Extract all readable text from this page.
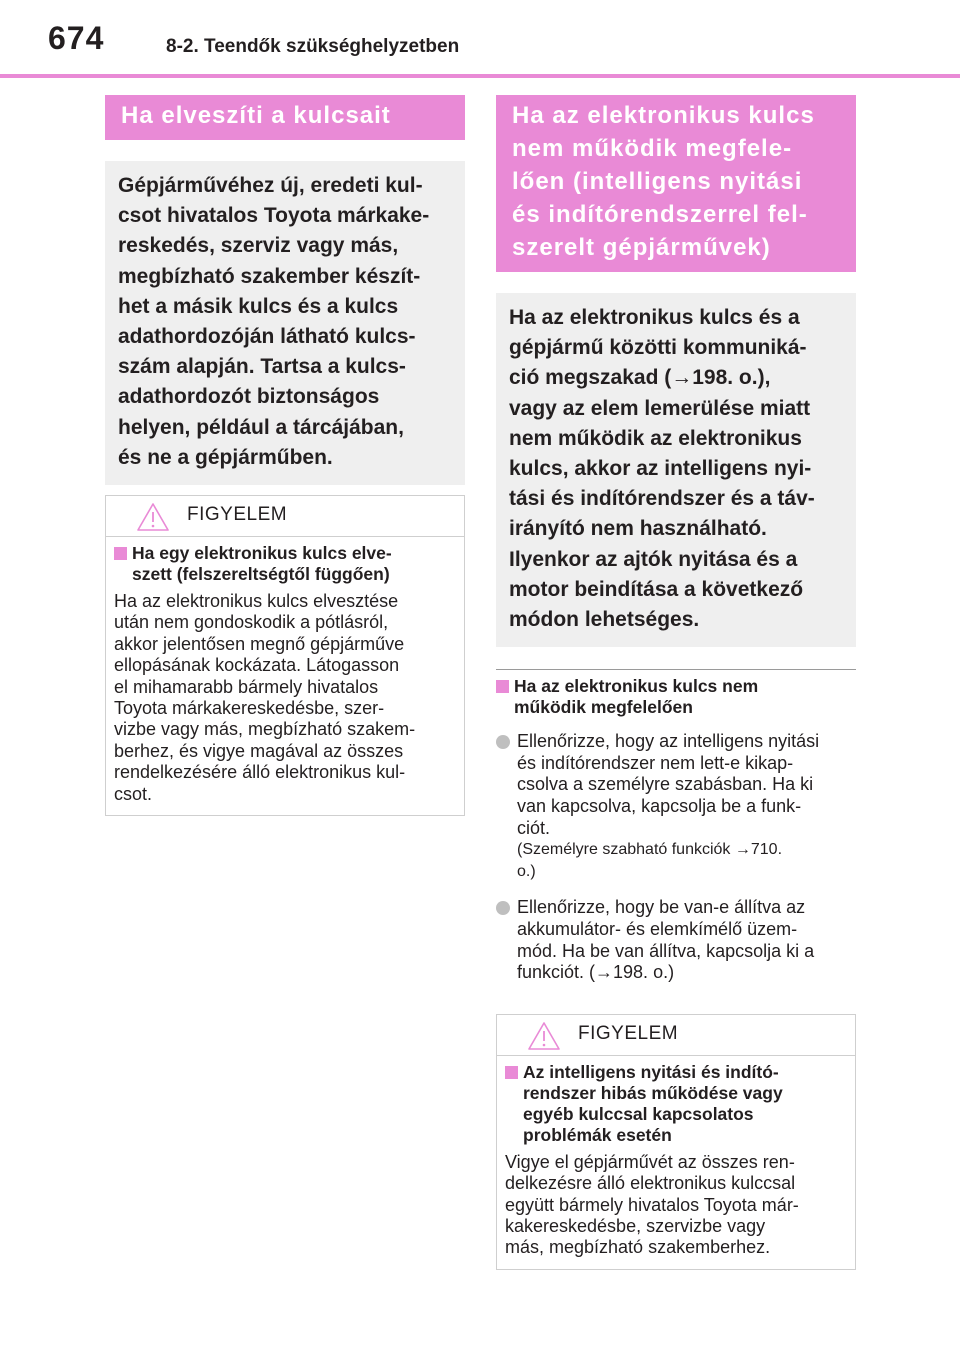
674	8-2. Teendők szükséghelyzetben
Ha elveszíti a kulcsait
Gépjárművéhez új, eredeti kul-
csot hivatalos Toyota márkake-
reskedés, szerviz vagy más,
megbízható szakember készít-
het a másik kulcs és a kulcs
adathordozóján látható kulcs-
szám alapján. Tartsa a kulcs-
adathordozót biztonságos
helyen, például a tárcájában,
és ne a gépjárműben.
FIGYELEM
Ha egy elektronikus kulcs elve-
szett (felszereltségtől függően)
Ha az elektronikus kulcs elvesztése
után nem gondoskodik a pótlásról,
akkor jelentősen megnő gépjárműve
ellopásának kockázata. Látogasson
el mihamarabb bármely hivatalos
Toyota márkakereskedésbe, szer-
vizbe vagy más, megbízható szakem-
berhez, és vigye magával az összes
rendelkezésére álló elektronikus kul-
csot.
Ha az elektronikus kulcs
nem működik megfele-
lően (intelligens nyitási
és indítórendszerrel fel-
szerelt gépjárművek)
Ha az elektronikus kulcs és a
gépjármű közötti kommuniká-
ció megszakad (→198. o.),
vagy az elem lemerülése miatt
nem működik az elektronikus
kulcs, akkor az intelligens nyi-
tási és indítórendszer és a táv-
irányító nem használható.
Ilyenkor az ajtók nyitása és a
motor beindítása a következő
módon lehetséges.
Ha az elektronikus kulcs nem
működik megfelelően
Ellenőrizze, hogy az intelligens nyitási
és indítórendszer nem lett-e kikap-
csolva a személyre szabásban. Ha ki
van kapcsolva, kapcsolja be a funk-
ciót.
(Személyre szabható funkciók →710.
o.)
Ellenőrizze, hogy be van-e állítva az
akkumulátor- és elemkímélő üzem-
mód. Ha be van állítva, kapcsolja ki a
funkciót. (→198. o.)
FIGYELEM
Az intelligens nyitási és indító-
rendszer hibás működése vagy
egyéb kulccsal kapcsolatos
problémák esetén
Vigye el gépjárművét az összes ren-
delkezésre álló elektronikus kulccsal
együtt bármely hivatalos Toyota már-
kakereskedésbe, szervizbe vagy
más, megbízható szakemberhez.
